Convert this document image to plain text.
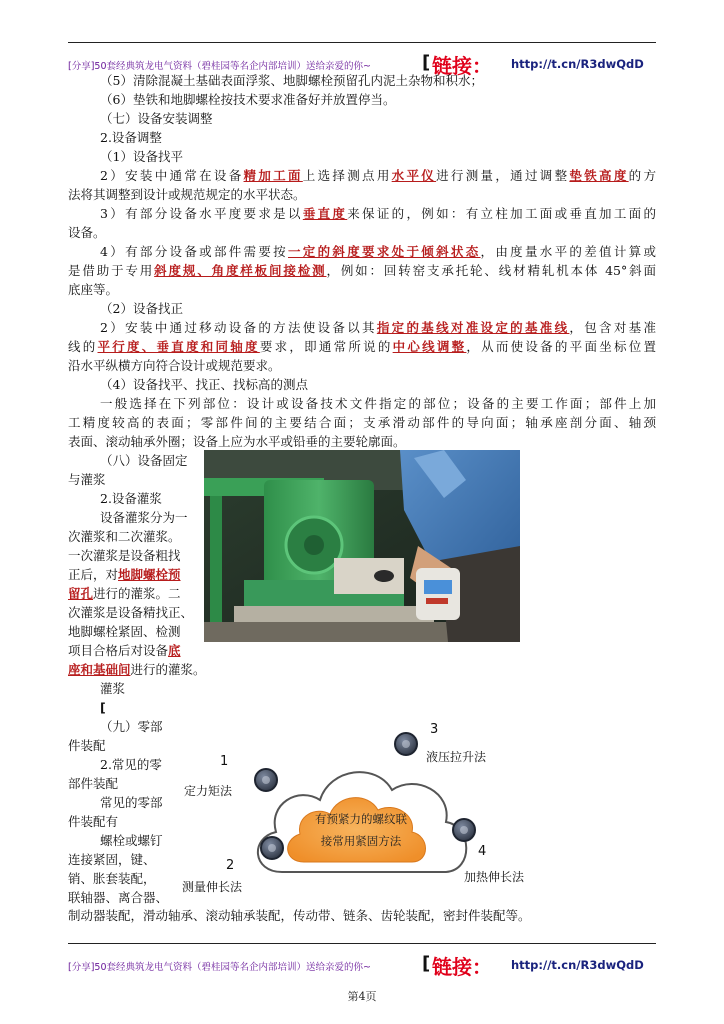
[分享]50套经典筑龙电气资料（碧桂园等名企内部培训）送给亲爱的你~	[ 链接： http://t.cn/R3dwQdD
（5）清除混凝土基础表面浮浆、地脚螺栓预留孔内泥土杂物和积水；
（6）垫铁和地脚螺栓按技术要求准备好并放置停当。
（七）设备安装调整
2.设备调整
（1）设备找平
2）安装中通常在设备精加工面上选择测点用水平仪进行测量，通过调整垫铁高度的方
法将其调整到设计或规范规定的水平状态。
3）有部分设备水平度要求是以垂直度来保证的，例如：有立柱加工面或垂直加工面的
设备。
4）有部分设备或部件需要按一定的斜度要求处于倾斜状态，由度量水平的差值计算或
是借助于专用斜度规、角度样板间接检测，例如：回转窑支承托轮、线材精轧机本体 45°斜面
底座等。
（2）设备找正
2）安装中通过移动设备的方法使设备以其指定的基线对准设定的基准线，包含对基准
线的平行度、垂直度和同轴度要求，即通常所说的中心线调整，从而使设备的平面坐标位置
沿水平纵横方向符合设计或规范要求。
（4）设备找平、找正、找标高的测点
一般选择在下列部位：设计或设备技术文件指定的部位；设备的主要工作面；部件上加
工精度较高的表面；零部件间的主要结合面；支承滑动部件的导向面；轴承座剖分面、轴颈
表面、滚动轴承外圈；设备上应为水平或铅垂的主要轮廓面。
（八）设备固定
与灌浆
2.设备灌浆
设备灌浆分为一
次灌浆和二次灌浆。
一次灌浆是设备粗找
正后，对地脚螺栓预
留孔进行的灌浆。二
次灌浆是设备精找正、
地脚螺栓紧固、检测
项目合格后对设备底
座和基础间进行的灌浆。
灌浆
[
（九）零部
件装配
2.常见的零
部件装配
常见的零部
件装配有
螺栓或螺钉
连接紧固，键、
销、胀套装配，
联轴器、离合器、
制动器装配，滑动轴承、滚动轴承装配，传动带、链条、齿轮装配，密封件装配等。
有预紧力的螺纹联
接常用紧固方法
1
定力矩法
2
测量伸长法
3
液压拉升法
4
加热伸长法
[分享]50套经典筑龙电气资料（碧桂园等名企内部培训）送给亲爱的你~	[ 链接： http://t.cn/R3dwQdD
第4页
